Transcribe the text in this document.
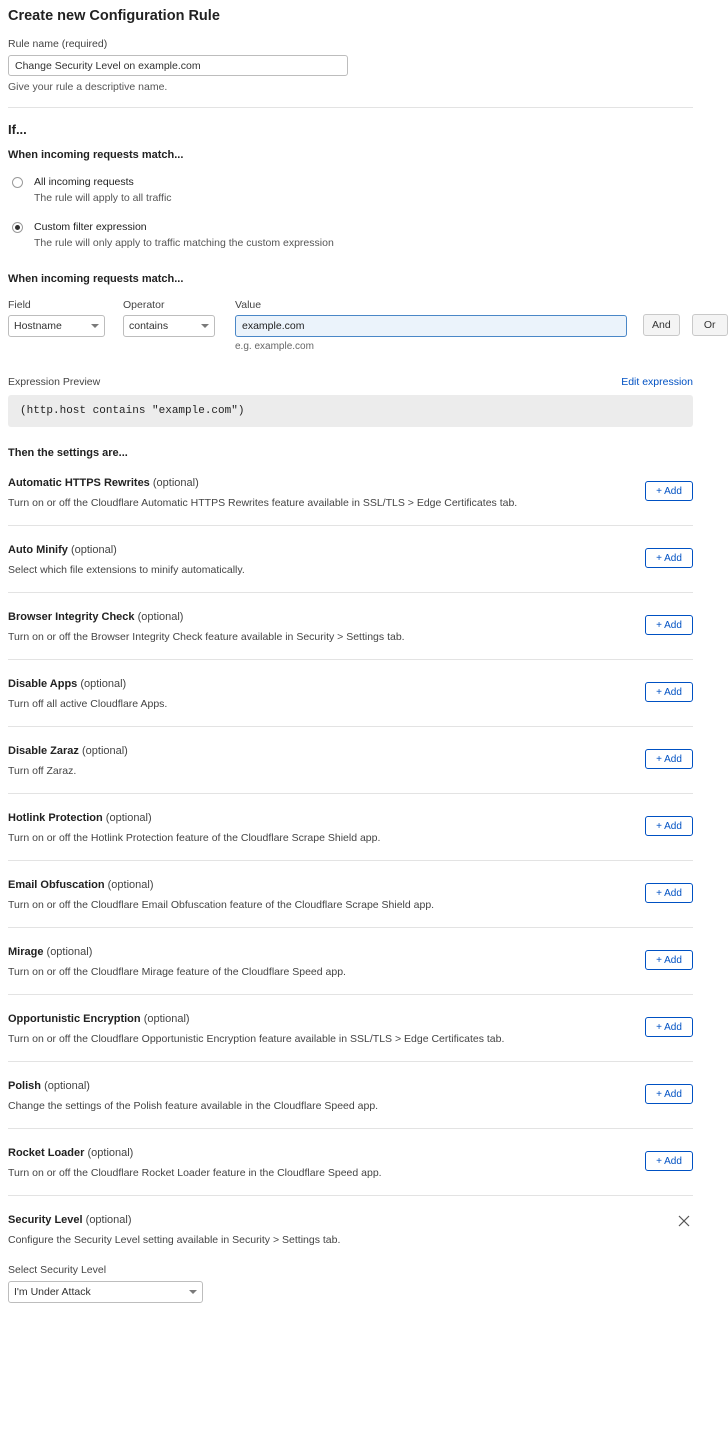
Create new Configuration Rule
Rule name (required)
Change Security Level on example.com
Give your rule a descriptive name.
If...
When incoming requests match...
All incoming requests
The rule will apply to all traffic
Custom filter expression
The rule will only apply to traffic matching the custom expression
When incoming requests match...
Field
Hostname	Operator
contains	Value
example.com
e.g. example.com
And	Or
Expression Preview	Edit expression
(http.host contains "example.com")
Then the settings are...
Automatic HTTPS Rewrites (optional)
Turn on or off the Cloudflare Automatic HTTPS Rewrites feature available in SSL/TLS > Edge Certificates tab.
+ Add
Auto Minify (optional)
Select which file extensions to minify automatically.
+ Add
Browser Integrity Check (optional)
Turn on or off the Browser Integrity Check feature available in Security > Settings tab.
+ Add
Disable Apps (optional)
Turn off all active Cloudflare Apps.
+ Add
Disable Zaraz (optional)
Turn off Zaraz.
+ Add
Hotlink Protection (optional)
Turn on or off the Hotlink Protection feature of the Cloudflare Scrape Shield app.
+ Add
Email Obfuscation (optional)
Turn on or off the Cloudflare Email Obfuscation feature of the Cloudflare Scrape Shield app.
+ Add
Mirage (optional)
Turn on or off the Cloudflare Mirage feature of the Cloudflare Speed app.
+ Add
Opportunistic Encryption (optional)
Turn on or off the Cloudflare Opportunistic Encryption feature available in SSL/TLS > Edge Certificates tab.
+ Add
Polish (optional)
Change the settings of the Polish feature available in the Cloudflare Speed app.
+ Add
Rocket Loader (optional)
Turn on or off the Cloudflare Rocket Loader feature in the Cloudflare Speed app.
+ Add
Security Level (optional)
Configure the Security Level setting available in Security > Settings tab.
Select Security Level
I'm Under Attack
